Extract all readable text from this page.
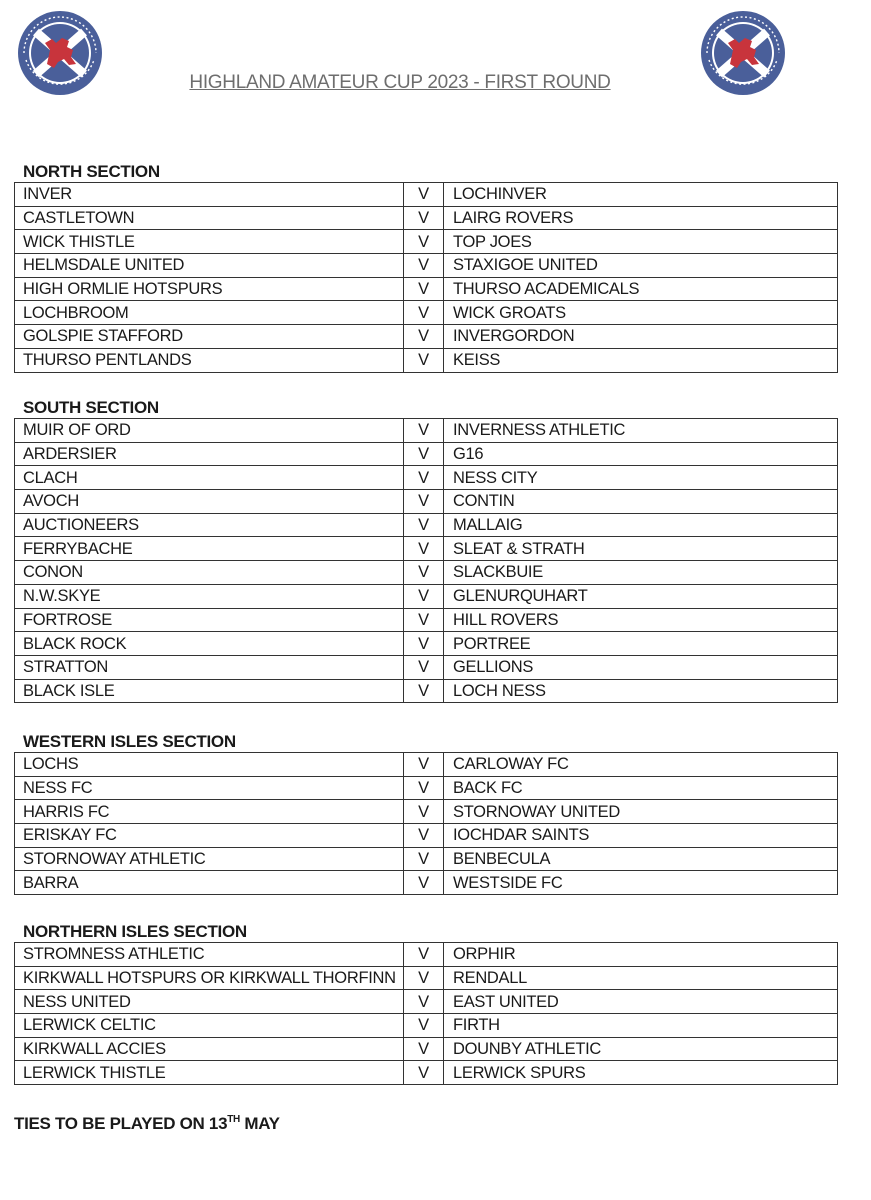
HIGHLAND AMATEUR CUP 2023 - FIRST ROUND
NORTH SECTION
INVER	V	LOCHINVER
CASTLETOWN	V	LAIRG ROVERS
WICK THISTLE	V	TOP JOES
HELMSDALE UNITED	V	STAXIGOE UNITED
HIGH ORMLIE HOTSPURS	V	THURSO ACADEMICALS
LOCHBROOM	V	WICK GROATS
GOLSPIE STAFFORD	V	INVERGORDON
THURSO PENTLANDS	V	KEISS
SOUTH SECTION
MUIR OF ORD	V	INVERNESS ATHLETIC
ARDERSIER	V	G16
CLACH	V	NESS CITY
AVOCH	V	CONTIN
AUCTIONEERS	V	MALLAIG
FERRYBACHE	V	SLEAT & STRATH
CONON	V	SLACKBUIE
N.W.SKYE	V	GLENURQUHART
FORTROSE	V	HILL ROVERS
BLACK ROCK	V	PORTREE
STRATTON	V	GELLIONS
BLACK ISLE	V	LOCH NESS
WESTERN ISLES SECTION
LOCHS	V	CARLOWAY FC
NESS FC	V	BACK FC
HARRIS FC	V	STORNOWAY UNITED
ERISKAY FC	V	IOCHDAR SAINTS
STORNOWAY ATHLETIC	V	BENBECULA
BARRA	V	WESTSIDE FC
NORTHERN ISLES SECTION
STROMNESS ATHLETIC	V	ORPHIR
KIRKWALL HOTSPURS OR KIRKWALL THORFINN	V	RENDALL
NESS UNITED	V	EAST UNITED
LERWICK CELTIC	V	FIRTH
KIRKWALL ACCIES	V	DOUNBY ATHLETIC
LERWICK THISTLE	V	LERWICK SPURS
TIES TO BE PLAYED ON 13TH MAY
